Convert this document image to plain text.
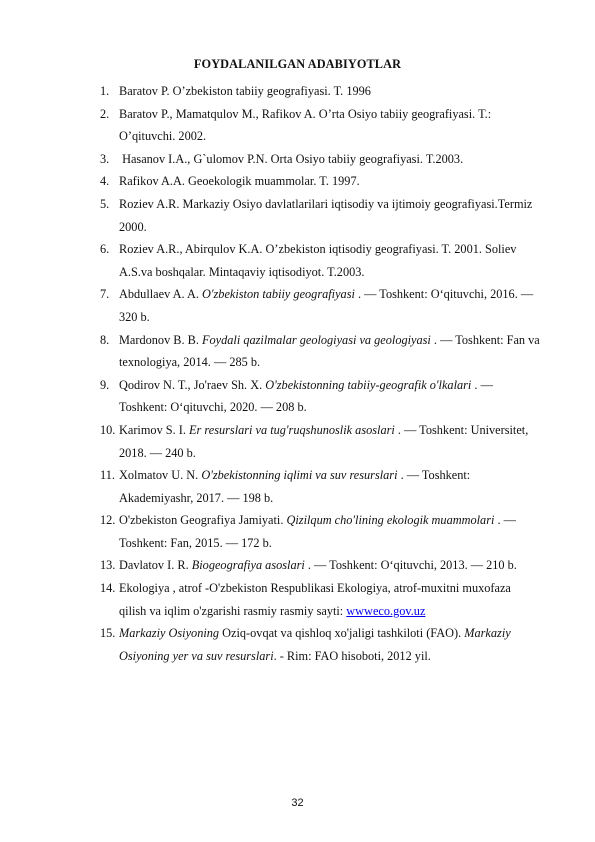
FOYDALANILGAN ADABIYOTLAR
1. Baratov P. O’zbekiston tabiiy geografiyasi. T. 1996
2. Baratov P., Mamatqulov M., Rafikov A. O’rta Osiyo tabiiy geografiyasi. T.: O’qituvchi. 2002.
3. Hasanov I.A., G`ulomov P.N. Orta Osiyo tabiiy geografiyasi. T.2003.
4. Rafikov A.A. Geoekologik muammolar. T. 1997.
5. Roziev A.R. Markaziy Osiyo davlatlarilari iqtisodiy va ijtimoiy geografiyasi.Termiz 2000.
6. Roziev A.R., Abirqulov K.A. O’zbekiston iqtisodiy geografiyasi. T. 2001. Soliev A.S.va boshqalar. Mintaqaviy iqtisodiyot. T.2003.
7. Abdullaev A. A. O'zbekiston tabiiy geografiyasi . — Toshkent: O‘qituvchi, 2016. — 320 b.
8. Mardonov B. B. Foydali qazilmalar geologiyasi va geologiyasi . — Toshkent: Fan va texnologiya, 2014. — 285 b.
9. Qodirov N. T., Jo'raev Sh. X. O'zbekistonning tabiiy-geografik o'lkalari . — Toshkent: O‘qituvchi, 2020. — 208 b.
10. Karimov S. I. Er resurslari va tug'ruqshunoslik asoslari . — Toshkent: Universitet, 2018. — 240 b.
11. Xolmatov U. N. O'zbekistonning iqlimi va suv resurslari . — Toshkent: Akademiyashr, 2017. — 198 b.
12. O'zbekiston Geografiya Jamiyati. Qizilqum cho'lining ekologik muammolari . — Toshkent: Fan, 2015. — 172 b.
13. Davlatov I. R. Biogeografiya asoslari . — Toshkent: O‘qituvchi, 2013. — 210 b.
14. Ekologiya , atrof -O'zbekiston Respublikasi Ekologiya, atrof-muxitni muxofaza qilish va iqlim o'zgarishi rasmiy rasmiy sayti: wwweco.gov.uz
15. Markaziy Osiyoning Oziq-ovqat va qishloq xo'jaligi tashkiloti (FAO). Markaziy Osiyoning yer va suv resurslari. - Rim: FAO hisoboti, 2012 yil.
32
